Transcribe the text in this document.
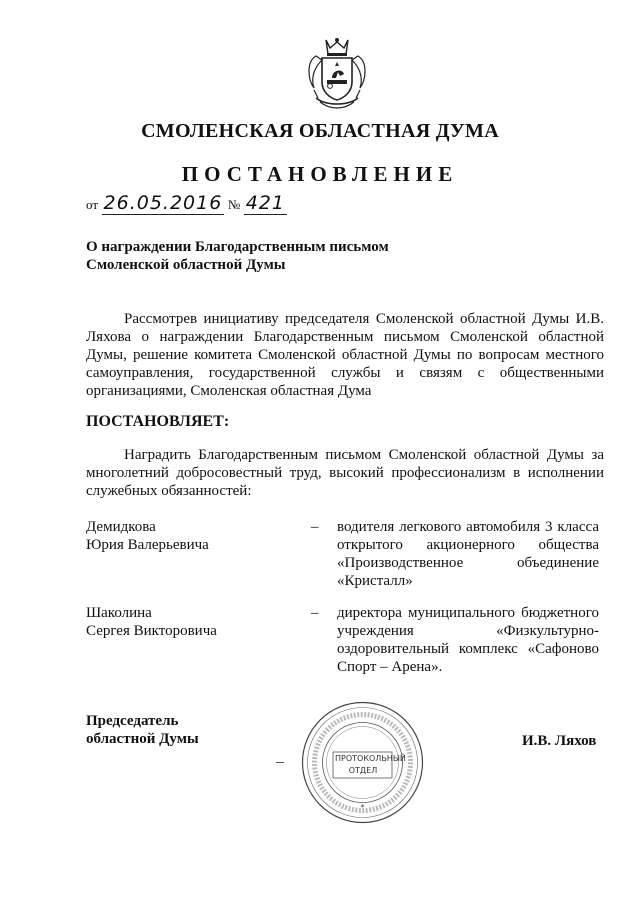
СМОЛЕНСКАЯ ОБЛАСТНАЯ ДУМА
ПОСТАНОВЛЕНИЕ
от 26.05.2016 № 421
О награждении Благодарственным письмом
Смоленской областной Думы
Рассмотрев инициативу председателя Смоленской областной Думы И.В. Ляхова о награждении Благодарственным письмом Смоленской областной Думы, решение комитета Смоленской областной Думы по вопросам местного самоуправления, государственной службы и связям с общественными организациями, Смоленская областная Дума
ПОСТАНОВЛЯЕТ:
Наградить Благодарственным письмом Смоленской областной Думы за многолетний добросовестный труд, высокий профессионализм в исполнении служебных обязанностей:
Демидкова
Юрия Валерьевича
– водителя легкового автомобиля 3 класса открытого акционерного общества «Производственное объединение «Кристалл»
Шаколина
Сергея Викторовича
– директора муниципального бюджетного учреждения «Физкультурно-оздоровительный комплекс «Сафоново Спорт – Арена».
Председатель
областной Думы	И.В. Ляхов
*
ПРОТОКОЛЬНЫЙ
ОТДЕЛ
